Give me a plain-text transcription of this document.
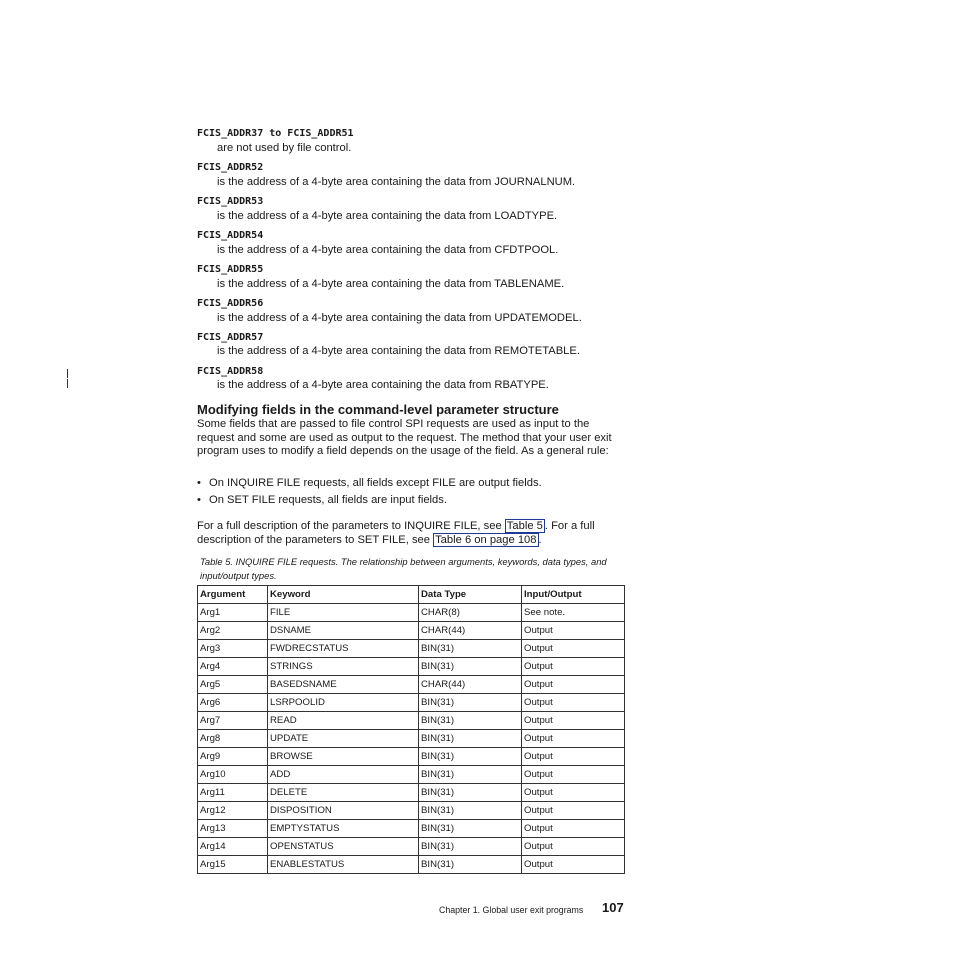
FCIS_ADDR37 to FCIS_ADDR51
are not used by file control.
FCIS_ADDR52
is the address of a 4-byte area containing the data from JOURNALNUM.
FCIS_ADDR53
is the address of a 4-byte area containing the data from LOADTYPE.
FCIS_ADDR54
is the address of a 4-byte area containing the data from CFDTPOOL.
FCIS_ADDR55
is the address of a 4-byte area containing the data from TABLENAME.
FCIS_ADDR56
is the address of a 4-byte area containing the data from UPDATEMODEL.
FCIS_ADDR57
is the address of a 4-byte area containing the data from REMOTETABLE.
FCIS_ADDR58
is the address of a 4-byte area containing the data from RBATYPE.
Modifying fields in the command-level parameter structure
Some fields that are passed to file control SPI requests are used as input to the request and some are used as output to the request. The method that your user exit program uses to modify a field depends on the usage of the field. As a general rule:
• On INQUIRE FILE requests, all fields except FILE are output fields.
• On SET FILE requests, all fields are input fields.
For a full description of the parameters to INQUIRE FILE, see Table 5 . For a full description of the parameters to SET FILE, see Table 6 on page 108 .
Table 5. INQUIRE FILE requests. The relationship between arguments, keywords, data types, and input/output types.
Argument	Keyword	Data Type	Input/Output
Arg1	FILE	CHAR(8)	See note.
Arg2	DSNAME	CHAR(44)	Output
Arg3	FWDRECSTATUS	BIN(31)	Output
Arg4	STRINGS	BIN(31)	Output
Arg5	BASEDSNAME	CHAR(44)	Output
Arg6	LSRPOOLID	BIN(31)	Output
Arg7	READ	BIN(31)	Output
Arg8	UPDATE	BIN(31)	Output
Arg9	BROWSE	BIN(31)	Output
Arg10	ADD	BIN(31)	Output
Arg11	DELETE	BIN(31)	Output
Arg12	DISPOSITION	BIN(31)	Output
Arg13	EMPTYSTATUS	BIN(31)	Output
Arg14	OPENSTATUS	BIN(31)	Output
Arg15	ENABLESTATUS	BIN(31)	Output
Chapter 1. Global user exit programs 107
